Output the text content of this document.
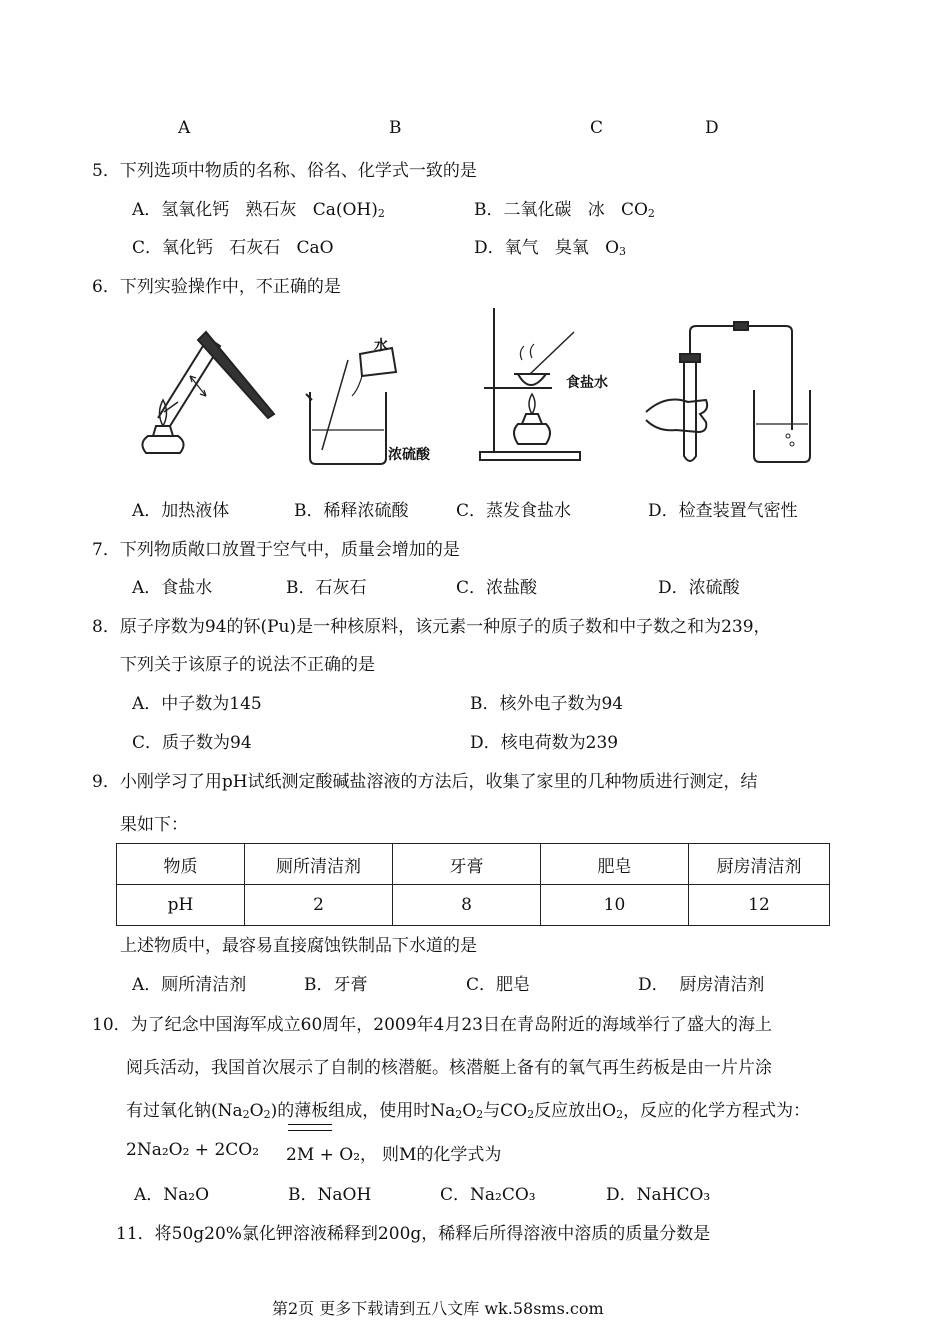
A	B	C	D
5．下列选项中物质的名称、俗名、化学式一致的是
A．氢氧化钙 熟石灰 $Ca(OH)_2$	B．二氧化碳 冰 $CO_2$
C．氧化钙 石灰石 CaO	D．氧气 臭氧 $O_3$
6．下列实验操作中，不正确的是
水
浓硫酸
食盐水
A．加热液体	B．稀释浓硫酸	C．蒸发食盐水	D．检查装置气密性
7．下列物质敞口放置于空气中，质量会增加的是
A．食盐水	B．石灰石	C．浓盐酸	D．浓硫酸
8．原子序数为94的钚(Pu)是一种核原料，该元素一种原子的质子数和中子数之和为239，
下列关于该原子的说法不正确的是
A．中子数为145	B．核外电子数为94
C．质子数为94	D．核电荷数为239
9．小刚学习了用pH试纸测定酸碱盐溶液的方法后，收集了家里的几种物质进行测定，结
果如下：
物质	厕所清洁剂	牙膏	肥皂	厨房清洁剂
pH	2	8	10	12
上述物质中，最容易直接腐蚀铁制品下水道的是
A．厕所清洁剂	B．牙膏	C．肥皂	D．  厨房清洁剂
10．为了纪念中国海军成立60周年，2009年4月23日在青岛附近的海域举行了盛大的海上
阅兵活动，我国首次展示了自制的核潜艇。核潜艇上备有的氧气再生药板是由一片片涂
有过氧化钠$(Na_2O_2)$的薄板组成，使用时$Na_2O_2$与$CO_2$反应放出$O_2$，反应的化学方程式为：
2Na₂O₂ + 2CO₂ 2M + O₂， 则M的化学式为
A．Na₂O	B．NaOH	C．Na₂CO₃	D．NaHCO₃
11．将50g20%氯化钾溶液稀释到200g，稀释后所得溶液中溶质的质量分数是
第2页 更多下载请到五八文库 wk.58sms.com
